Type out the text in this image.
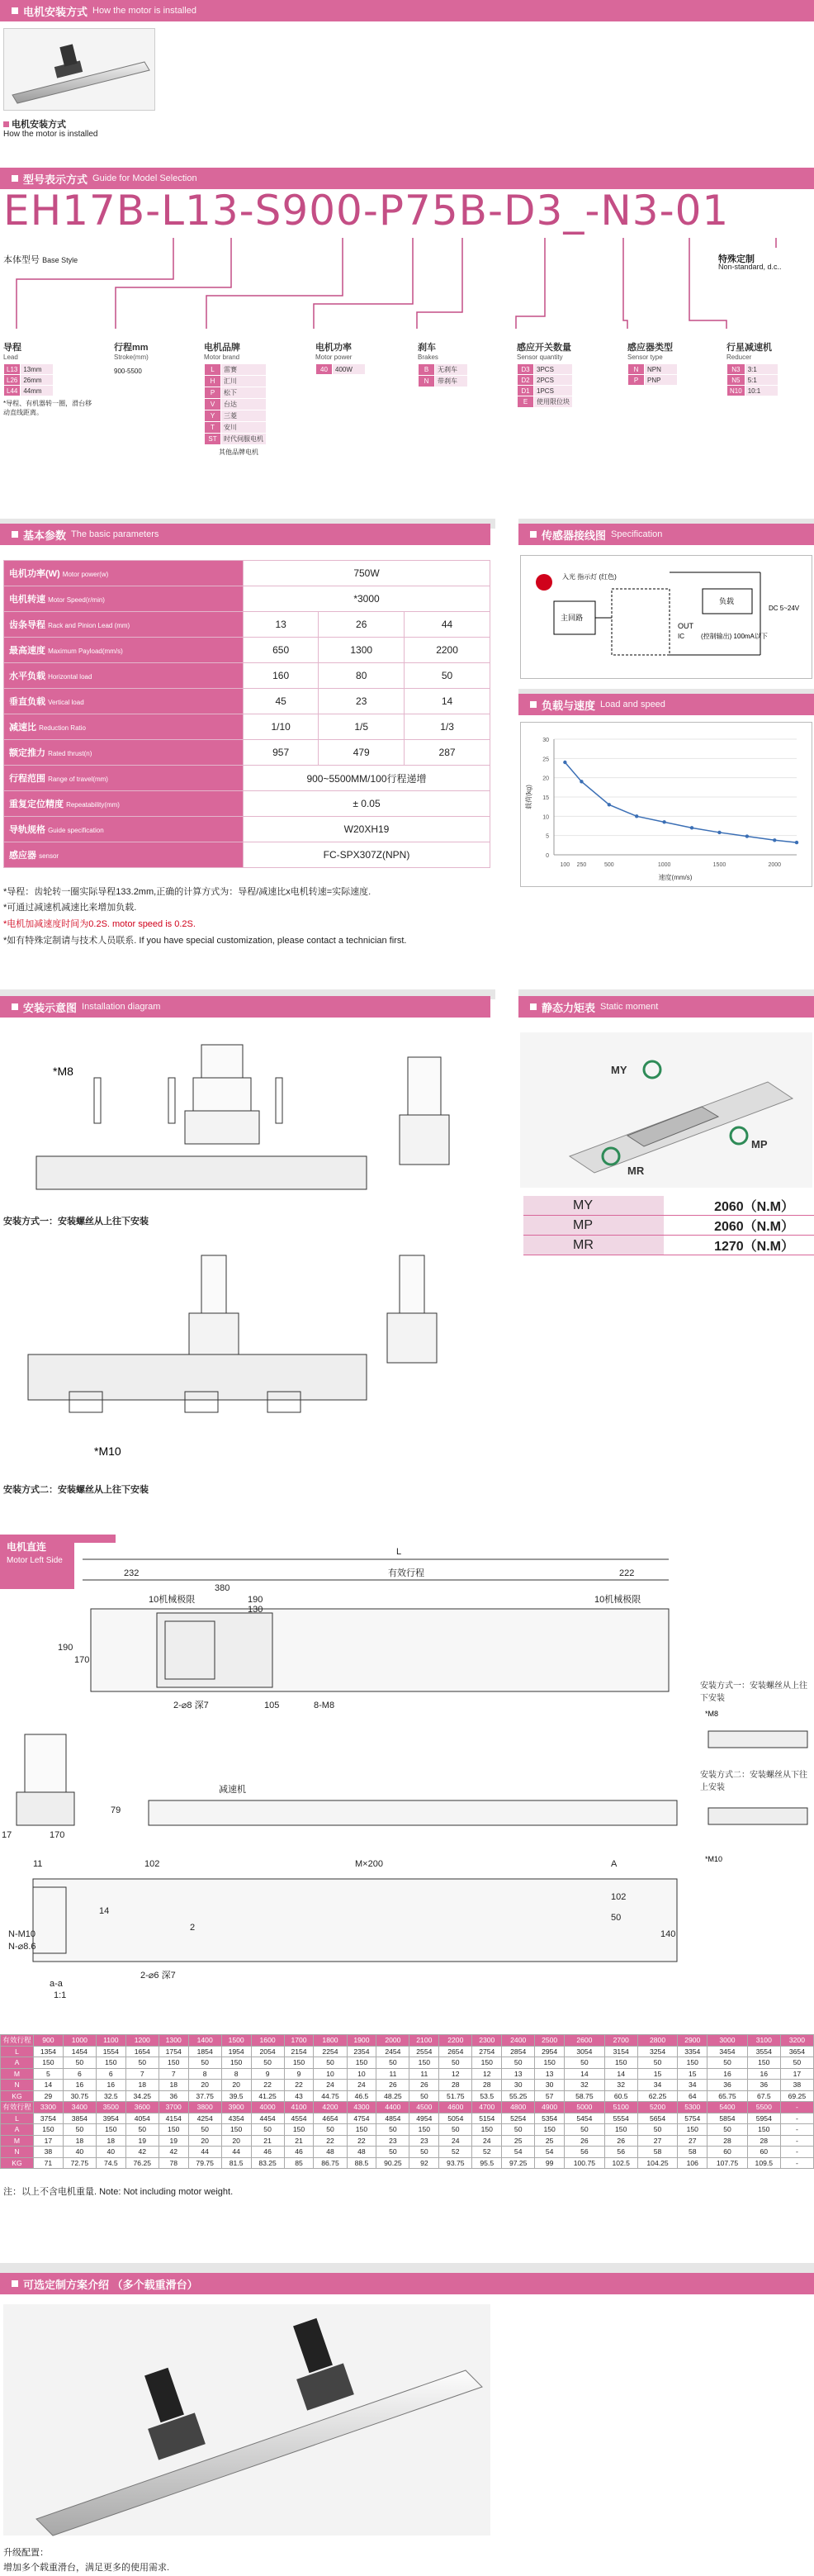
电机安装方式 How the motor is installed
电机安装方式
How the motor is installed
型号表示方式 Guide for Model Selection
EH17B-L13-S900-P75B-D3_-N3-01
本体型号 Base Style	特殊定制
Non-standard, d.c..
导程
Lead
L13	13mm
L26	26mm
L44	44mm
*导程、有机器转一圈，滑台移动直线距离。
行程mm
Stroke(mm)
900-5500
电机品牌
Motor brand
L	雷赛
H	汇川
P	松下
V	台达
Y	三菱
T	安川
ST	时代伺服电机
其他品牌电机
电机功率
Motor power
40	400W
刹车
Brakes
B	无刹车
N	带刹车
感应开关数量
Sensor quantity
D3	3PCS
D2	2PCS
D1	1PCS
E	使用限位块
感应器类型
Sensor type
N	NPN
P	PNP
行星减速机
Reducer
N3	3:1
N5	5:1
N10	10:1
基本参数 The basic parameters
电机功率(W) Motor power(w)	750W		
电机转速 Motor Speed(r/min)	*3000		
齿条导程 Rack and Pinion Lead (mm)	13	26	44
最高速度 Maximum Payload(mm/s)	650	1300	2200
水平负载 Horizontal load	160	80	50
垂直负载 Vertical load	45	23	14
减速比 Reduction Ratio	1/10	1/5	1/3
额定推力 Rated thrust(n)	957	479	287
行程范围 Range of travel(mm)	900~5500MM/100行程递增		
重复定位精度 Repeatability(mm)	± 0.05		
导轨规格 Guide specification	W20XH19		
感应器 sensor	FC-SPX307Z(NPN)		
*导程：齿轮转一圈实际导程133.2mm,正确的计算方式为：导程/减速比x电机转速=实际速度.
*可通过减速机减速比来增加负载.
*电机加减速度时间为0.2S. motor speed is 0.2S.
*如有特殊定制请与技术人员联系. If you have special customization, please contact a technician first.
传感器接线图 Specification
入光 指示灯 (红色)
主回路
负载
OUT
IC	(控制输出) 100mA以下
DC 5~24V
负载与速度 Load and speed
0
5
10
15
20
25
30
100 250	500	1000	1500	2000
速度(mm/s)
载荷(kg)
安装示意图 Installation diagram
*M8
安装方式一：安装螺丝从上往下安装
*M10
安装方式二：安装螺丝从上往下安装
静态力矩表 Static moment
MY
MP
MR
MY	2060（N.M）
MP	2060（N.M）
MR	1270（N.M）
电机直连
Motor Left Side
L
232	有效行程	222
380
190
130
10机械极限	10机械极限
190
170
105	8-M8
2-⌀8 深7
减速机
79
17	170
11	102	M×200	A
102
50
140
N-M10
N-⌀8.6
14
2
a-a
1:1
2-⌀6 深7
安装方式一：安装螺丝从上往下安装
*M8
安装方式二：安装螺丝从下往上安装
*M10
有效行程	900	1000	1100	1200	1300	1400	1500	1600	1700	1800	1900	2000	2100	2200	2300	2400	2500	2600	2700	2800	2900	3000	3100	3200
L	1354	1454	1554	1654	1754	1854	1954	2054	2154	2254	2354	2454	2554	2654	2754	2854	2954	3054	3154	3254	3354	3454	3554	3654
A	150	50	150	50	150	50	150	50	150	50	150	50	150	50	150	50	150	50	150	50	150	50	150	50
M	5	6	6	7	7	8	8	9	9	10	10	11	11	12	12	13	13	14	14	15	15	16	16	17
N	14	16	16	18	18	20	20	22	22	24	24	26	26	28	28	30	30	32	32	34	34	36	36	38
KG	29	30.75	32.5	34.25	36	37.75	39.5	41.25	43	44.75	46.5	48.25	50	51.75	53.5	55.25	57	58.75	60.5	62.25	64	65.75	67.5	69.25
有效行程	3300	3400	3500	3600	3700	3800	3900	4000	4100	4200	4300	4400	4500	4600	4700	4800	4900	5000	5100	5200	5300	5400	5500	-
L	3754	3854	3954	4054	4154	4254	4354	4454	4554	4654	4754	4854	4954	5054	5154	5254	5354	5454	5554	5654	5754	5854	5954	-
A	150	50	150	50	150	50	150	50	150	50	150	50	150	50	150	50	150	50	150	50	150	50	150	-
M	17	18	18	19	19	20	20	21	21	22	22	23	23	24	24	25	25	26	26	27	27	28	28	-
N	38	40	40	42	42	44	44	46	46	48	48	50	50	52	52	54	54	56	56	58	58	60	60	-
KG	71	72.75	74.5	76.25	78	79.75	81.5	83.25	85	86.75	88.5	90.25	92	93.75	95.5	97.25	99	100.75	102.5	104.25	106	107.75	109.5	-
注：以上不含电机重量. Note: Not including motor weight.
可选定制方案介绍 （多个载重滑台）
升级配置：
增加多个载重滑台，满足更多的使用需求.
